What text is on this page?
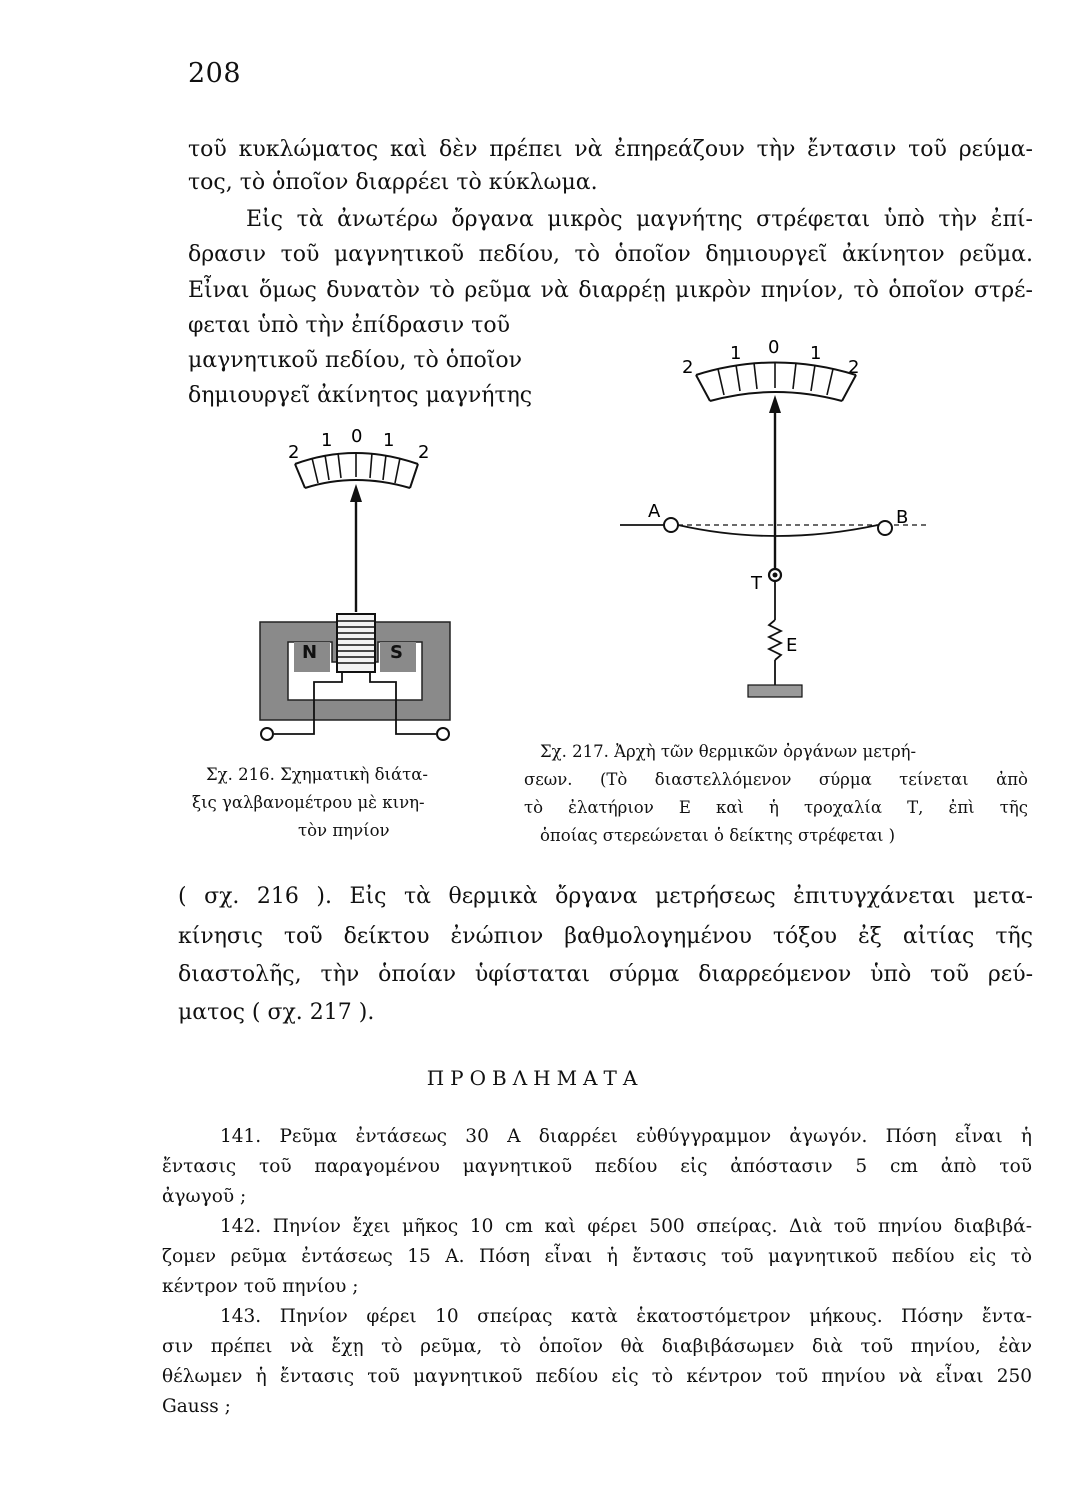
208
τοῦ κυκλώματος καὶ δὲν πρέπει νὰ ἐπηρεάζουν τὴν ἔντασιν τοῦ ρεύμα-
τος, τὸ ὁποῖον διαρρέει τὸ κύκλωμα.
Εἰς τὰ ἀνωτέρω ὄργανα μικρὸς μαγνήτης στρέφεται ὑπὸ τὴν ἐπί-
δρασιν τοῦ μαγνητικοῦ πεδίου, τὸ ὁποῖον δημιουργεῖ ἀκίνητον ρεῦμα.
Εἶναι ὅμως δυνατὸν τὸ ρεῦμα νὰ διαρρέῃ μικρὸν πηνίον, τὸ ὁποῖον στρέ-
φεται ὑπὸ τὴν ἐπίδρασιν τοῦ
μαγνητικοῦ πεδίου, τὸ ὁποῖον
δημιουργεῖ ἀκίνητος μαγνήτης
2
1 0 1
2
N	S
2
1 0 1
2
A	B
T
E
Σχ. 217. Ἀρχὴ τῶν θερμικῶν ὀργάνων μετρή-
σεων. (Τὸ διαστελλόμενον σύρμα τείνεται ἀπὸ
τὸ ἐλατήριον Ε καὶ ἡ τροχαλία Τ, ἐπὶ τῆς
ὁποίας στερεώνεται ὁ δείκτης στρέφεται )
Σχ. 216. Σχηματικὴ διάτα-
ξις γαλβανομέτρου μὲ κινη-
τὸν πηνίον
( σχ. 216 ). Εἰς τὰ θερμικὰ ὄργανα μετρήσεως ἐπιτυγχάνεται μετα-
κίνησις τοῦ δείκτου ἐνώπιον βαθμολογημένου τόξου ἐξ αἰτίας τῆς
διαστολῆς, τὴν ὁποίαν ὑφίσταται σύρμα διαρρεόμενον ὑπὸ τοῦ ρεύ-
ματος ( σχ. 217 ).
ΠΡΟΒΛΗΜΑΤΑ
141. Ρεῦμα ἐντάσεως 30 Α διαρρέει εὐθύγγραμμον ἀγωγόν. Πόση εἶναι ἡ
ἔντασις τοῦ παραγομένου μαγνητικοῦ πεδίου εἰς ἀπόστασιν 5 cm ἀπὸ τοῦ
ἀγωγοῦ ;
142. Πηνίον ἔχει μῆκος 10 cm καὶ φέρει 500 σπείρας. Διὰ τοῦ πηνίου διαβιβά-
ζομεν ρεῦμα ἐντάσεως 15 Α. Πόση εἶναι ἡ ἔντασις τοῦ μαγνητικοῦ πεδίου εἰς τὸ
κέντρον τοῦ πηνίου ;
143. Πηνίον φέρει 10 σπείρας κατὰ ἑκατοστόμετρον μήκους. Πόσην ἔντα-
σιν πρέπει νὰ ἔχῃ τὸ ρεῦμα, τὸ ὁποῖον θὰ διαβιβάσωμεν διὰ τοῦ πηνίου, ἐὰν
θέλωμεν ἡ ἔντασις τοῦ μαγνητικοῦ πεδίου εἰς τὸ κέντρον τοῦ πηνίου νὰ εἶναι 250
Gauss ;
